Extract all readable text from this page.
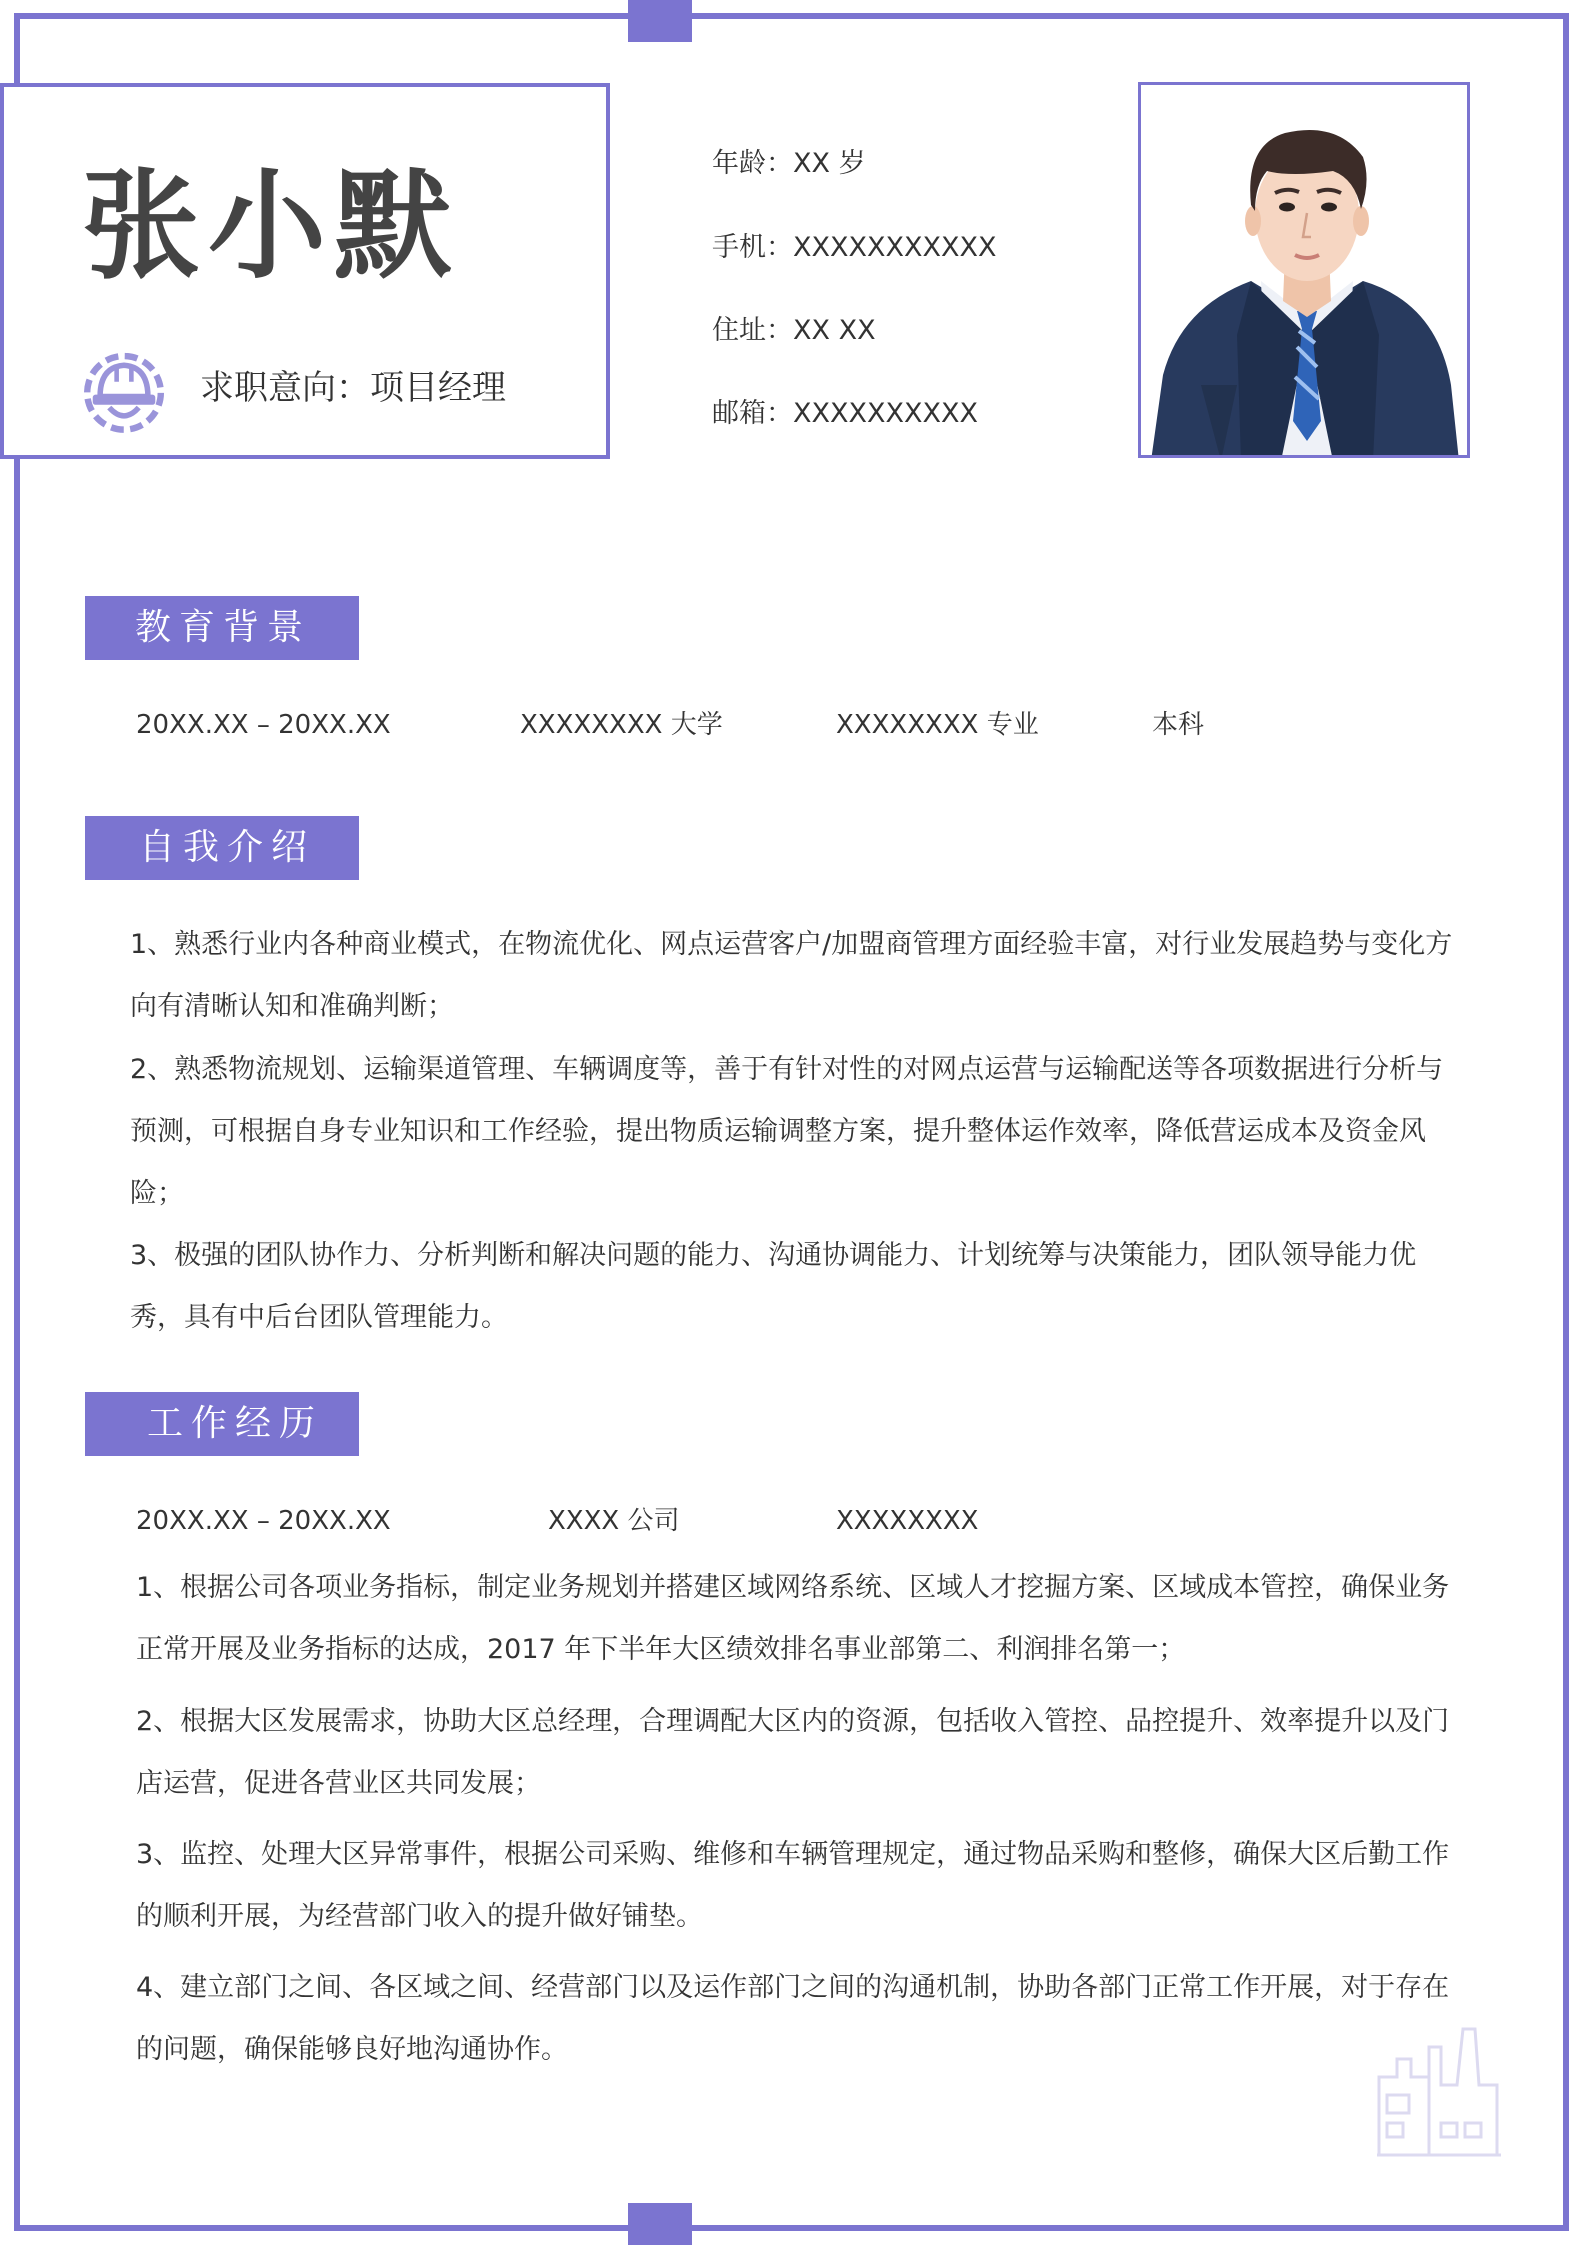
张小默
求职意向：项目经理
年龄：XX 岁
手机：XXXXXXXXXXX
住址：XX XX
邮箱：XXXXXXXXXX
教育背景
20XX.XX – 20XX.XX	XXXXXXXX 大学	XXXXXXXX 专业	本科
自我介绍

1、熟悉行业内各种商业模式，在物流优化、网点运营客户/加盟商管理方面经验丰富，对行业发展趋势与变化方向有清晰认知和准确判断；

2、熟悉物流规划、运输渠道管理、车辆调度等，善于有针对性的对网点运营与运输配送等各项数据进行分析与预测，可根据自身专业知识和工作经验，提出物质运输调整方案，提升整体运作效率，降低营运成本及资金风险；

3、极强的团队协作力、分析判断和解决问题的能力、沟通协调能力、计划统筹与决策能力，团队领导能力优秀，具有中后台团队管理能力。

工作经历
20XX.XX – 20XX.XX	XXXX 公司	XXXXXXXX

1、根据公司各项业务指标，制定业务规划并搭建区域网络系统、区域人才挖掘方案、区域成本管控，确保业务正常开展及业务指标的达成，2017 年下半年大区绩效排名事业部第二、利润排名第一；

2、根据大区发展需求，协助大区总经理，合理调配大区内的资源，包括收入管控、品控提升、效率提升以及门店运营，促进各营业区共同发展；

3、监控、处理大区异常事件，根据公司采购、维修和车辆管理规定，通过物品采购和整修，确保大区后勤工作的顺利开展，为经营部门收入的提升做好铺垫。

4、建立部门之间、各区域之间、经营部门以及运作部门之间的沟通机制，协助各部门正常工作开展，对于存在的问题，确保能够良好地沟通协作。
